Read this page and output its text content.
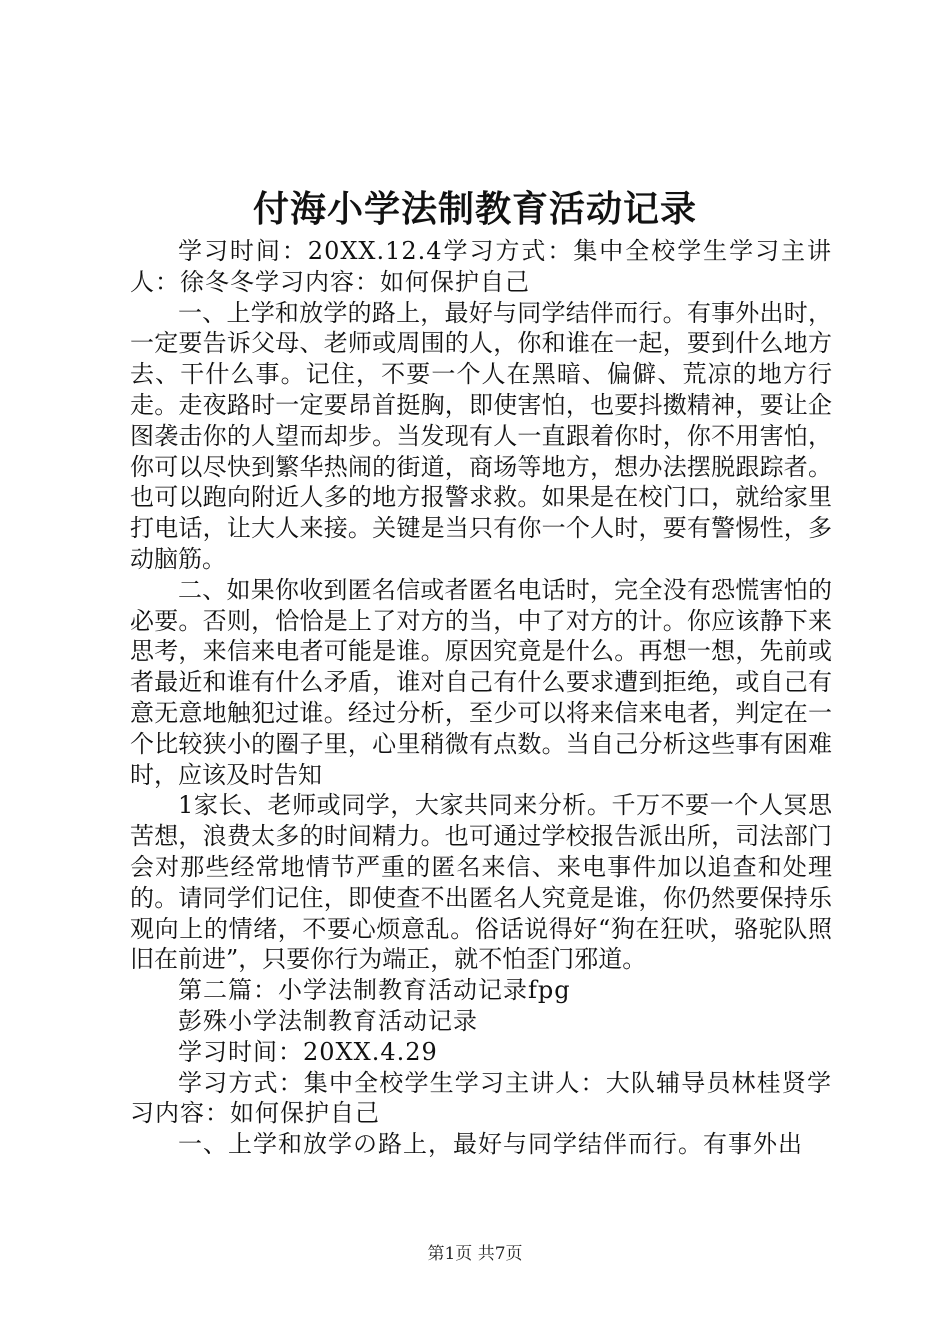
付海小学法制教育活动记录

学习时间：20XX.12.4学习方式：集中全校学生学习主讲人：徐冬冬学习内容：如何保护自己

一、上学和放学的路上，最好与同学结伴而行。有事外出时，一定要告诉父母、老师或周围的人，你和谁在一起，要到什么地方去、干什么事。记住，不要一个人在黑暗、偏僻、荒凉的地方行走。走夜路时一定要昂首挺胸，即使害怕，也要抖擞精神，要让企图袭击你的人望而却步。当发现有人一直跟着你时，你不用害怕，你可以尽快到繁华热闹的街道，商场等地方，想办法摆脱跟踪者。也可以跑向附近人多的地方报警求救。如果是在校门口，就给家里打电话，让大人来接。关键是当只有你一个人时，要有警惕性，多动脑筋。

二、如果你收到匿名信或者匿名电话时，完全没有恐慌害怕的必要。否则，恰恰是上了对方的当，中了对方的计。你应该静下来思考，来信来电者可能是谁。原因究竟是什么。再想一想，先前或者最近和谁有什么矛盾，谁对自己有什么要求遭到拒绝，或自己有意无意地触犯过谁。经过分析，至少可以将来信来电者，判定在一个比较狭小的圈子里，心里稍微有点数。当自己分析这些事有困难时，应该及时告知

1家长、老师或同学，大家共同来分析。千万不要一个人冥思苦想，浪费太多的时间精力。也可通过学校报告派出所，司法部门会对那些经常地情节严重的匿名来信、来电事件加以追查和处理的。请同学们记住，即使查不出匿名人究竟是谁，你仍然要保持乐观向上的情绪，不要心烦意乱。俗话说得好“狗在狂吠，骆驼队照旧在前进”，只要你行为端正，就不怕歪门邪道。

第二篇：小学法制教育活动记录fpg

彭殊小学法制教育活动记录

学习时间：20XX.4.29

学习方式：集中全校学生学习主讲人：大队辅导员林桂贤学习内容：如何保护自己

一、上学和放学の路上，最好与同学结伴而行。有事外出

第1页 共7页
